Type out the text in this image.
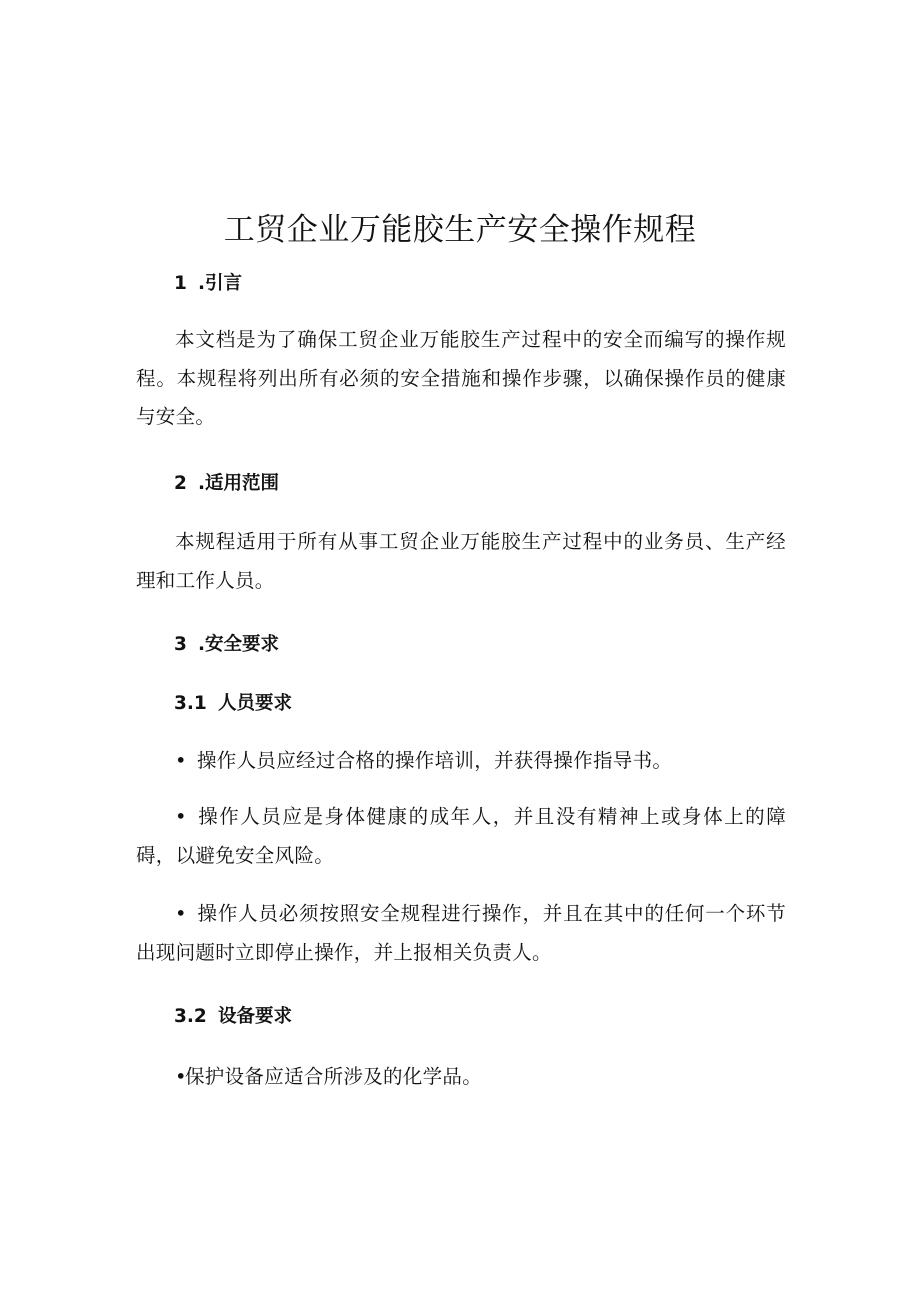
工贸企业万能胶生产安全操作规程
1 .引言
本文档是为了确保工贸企业万能胶生产过程中的安全而编写的操作规程。本规程将列出所有必须的安全措施和操作步骤，以确保操作员的健康与安全。
2 .适用范围
本规程适用于所有从事工贸企业万能胶生产过程中的业务员、生产经理和工作人员。
3 .安全要求
3.1 人员要求
• 操作人员应经过合格的操作培训，并获得操作指导书。
• 操作人员应是身体健康的成年人，并且没有精神上或身体上的障碍，以避免安全风险。
• 操作人员必须按照安全规程进行操作，并且在其中的任何一个环节出现问题时立即停止操作，并上报相关负责人。
3.2 设备要求
•保护设备应适合所涉及的化学品。
